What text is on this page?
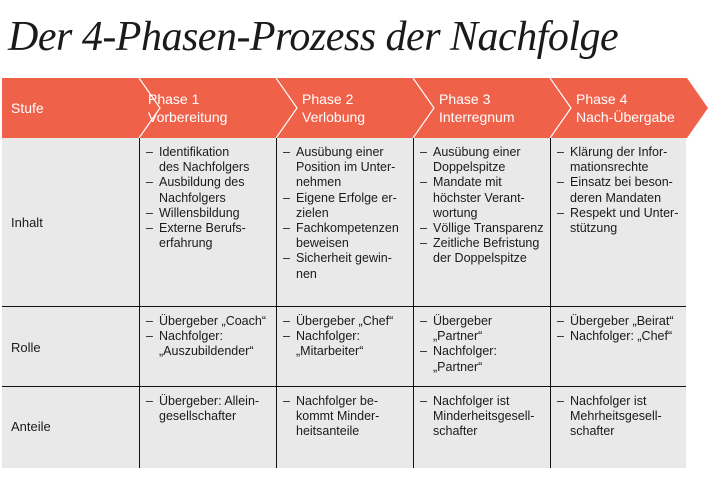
Der 4-Phasen-Prozess der Nachfolge
Stufe
Phase 1
Vorbereitung
Phase 2
Verlobung
Phase 3
Interregnum
Phase 4
Nach-Übergabe
Inhalt
Rolle
Anteile
– Identifikation
des Nachfolgers
– Ausbildung des
Nachfolgers
– Willensbildung
– Externe Berufs-
erfahrung
– Ausübung einer
Position im Unter-
nehmen
– Eigene Erfolge er-
zielen
– Fachkompetenzen
beweisen
– Sicherheit gewin-
nen
– Ausübung einer
Doppelspitze
– Mandate mit
höchster Verant-
wortung
– Völlige Transparenz
– Zeitliche Befristung
der Doppelspitze
– Klärung der Infor-
mationsrechte
– Einsatz bei beson-
deren Mandaten
– Respekt und Unter-
stützung
– Übergeber „Coach“
– Nachfolger:
„Auszubildender“
– Übergeber „Chef“
– Nachfolger:
„Mitarbeiter“
– Übergeber
„Partner“
– Nachfolger:
„Partner“
– Übergeber „Beirat“
– Nachfolger: „Chef“
– Übergeber: Allein-
gesellschafter
– Nachfolger be-
kommt Minder-
heitsanteile
– Nachfolger ist
Minderheitsgesell-
schafter
– Nachfolger ist
Mehrheitsgesell-
schafter
